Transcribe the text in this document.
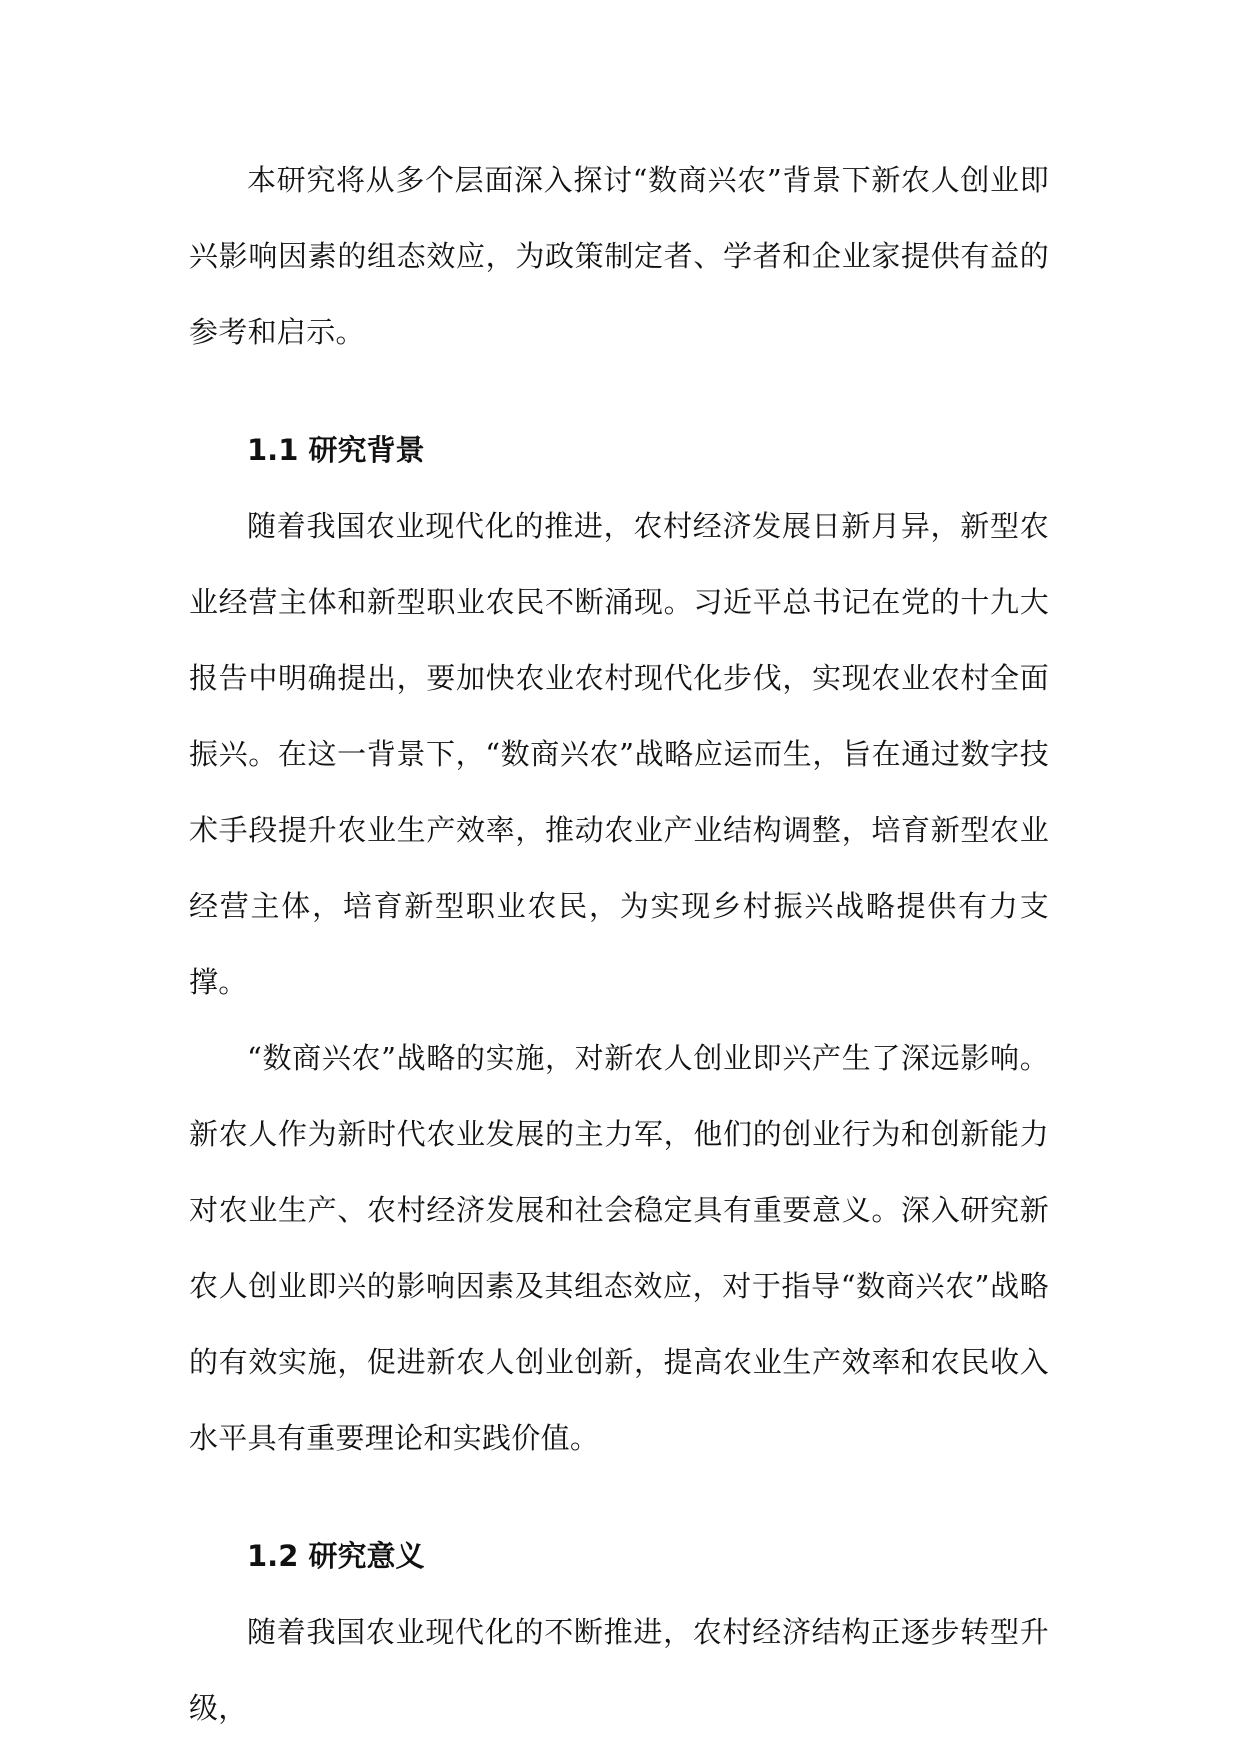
本研究将从多个层面深入探讨“数商兴农”背景下新农人创业即兴影响因素的组态效应，为政策制定者、学者和企业家提供有益的参考和启示。

1.1 研究背景

随着我国农业现代化的推进，农村经济发展日新月异，新型农业经营主体和新型职业农民不断涌现。习近平总书记在党的十九大报告中明确提出，要加快农业农村现代化步伐，实现农业农村全面振兴。在这一背景下，“数商兴农”战略应运而生，旨在通过数字技术手段提升农业生产效率，推动农业产业结构调整，培育新型农业经营主体，培育新型职业农民，为实现乡村振兴战略提供有力支撑。

“数商兴农”战略的实施，对新农人创业即兴产生了深远影响。新农人作为新时代农业发展的主力军，他们的创业行为和创新能力对农业生产、农村经济发展和社会稳定具有重要意义。深入研究新农人创业即兴的影响因素及其组态效应，对于指导“数商兴农”战略的有效实施，促进新农人创业创新，提高农业生产效率和农民收入水平具有重要理论和实践价值。

1.2 研究意义

随着我国农业现代化的不断推进，农村经济结构正逐步转型升级，
